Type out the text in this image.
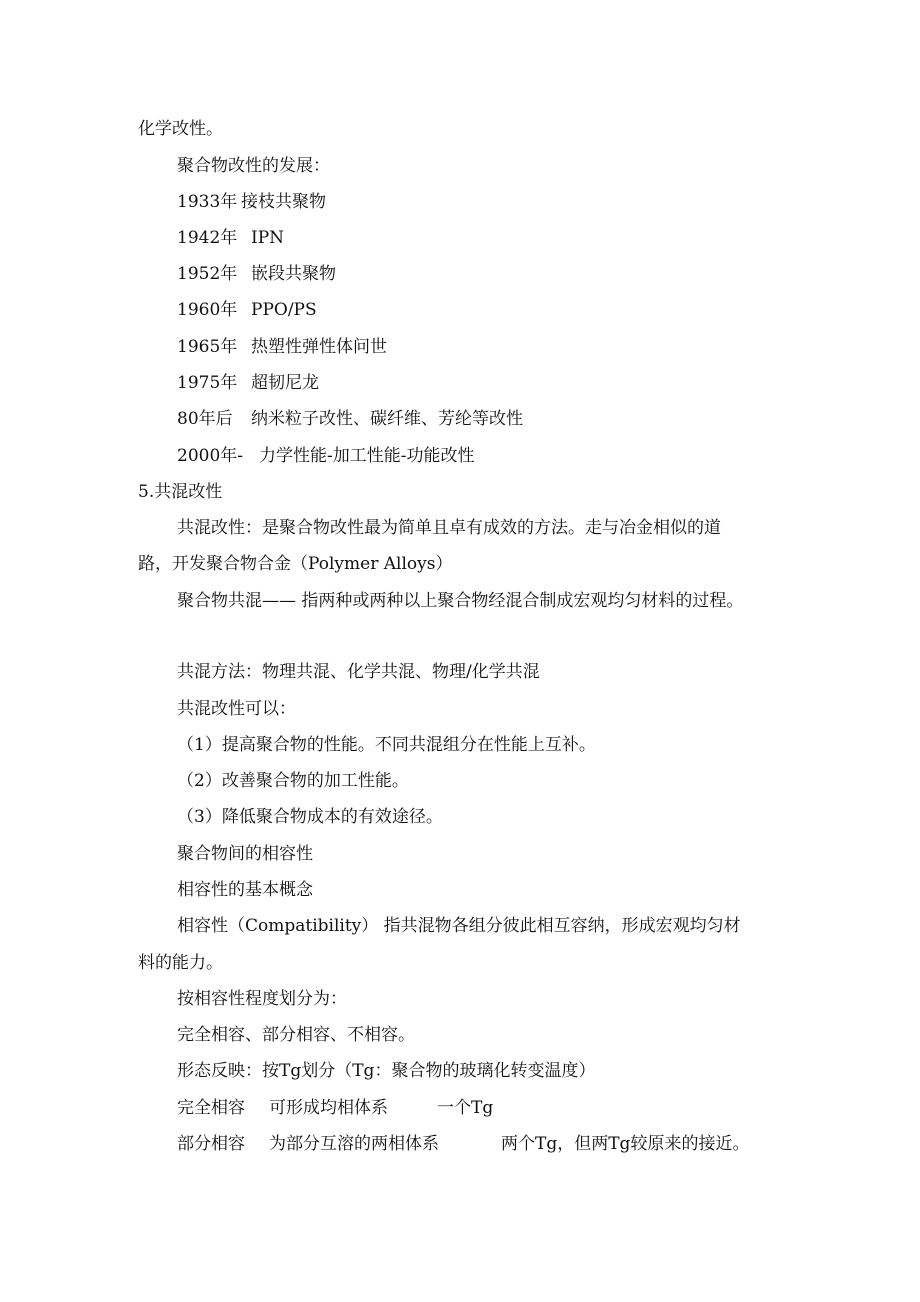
化学改性。
聚合物改性的发展：
1933年 接枝共聚物
1942年 IPN
1952年 嵌段共聚物
1960年 PPO/PS
1965年 热塑性弹性体问世
1975年 超韧尼龙
80年后 纳米粒子改性、碳纤维、芳纶等改性
2000年- 力学性能-加工性能-功能改性
5.共混改性
共混改性：是聚合物改性最为简单且卓有成效的方法。走与冶金相似的道
路，开发聚合物合金（Polymer Alloys）
聚合物共混—— 指两种或两种以上聚合物经混合制成宏观均匀材料的过程。
共混方法：物理共混、化学共混、物理/化学共混
共混改性可以：
（1）提高聚合物的性能。不同共混组分在性能上互补。
（2）改善聚合物的加工性能。
（3）降低聚合物成本的有效途径。
聚合物间的相容性
相容性的基本概念
相容性（Compatibility） 指共混物各组分彼此相互容纳，形成宏观均匀材
料的能力。
按相容性程度划分为：
完全相容、部分相容、不相容。
形态反映：按Tg划分（Tg：聚合物的玻璃化转变温度）
完全相容 可形成均相体系	一个Tg
部分相容 为部分互溶的两相体系	两个Tg，但两Tg较原来的接近。
